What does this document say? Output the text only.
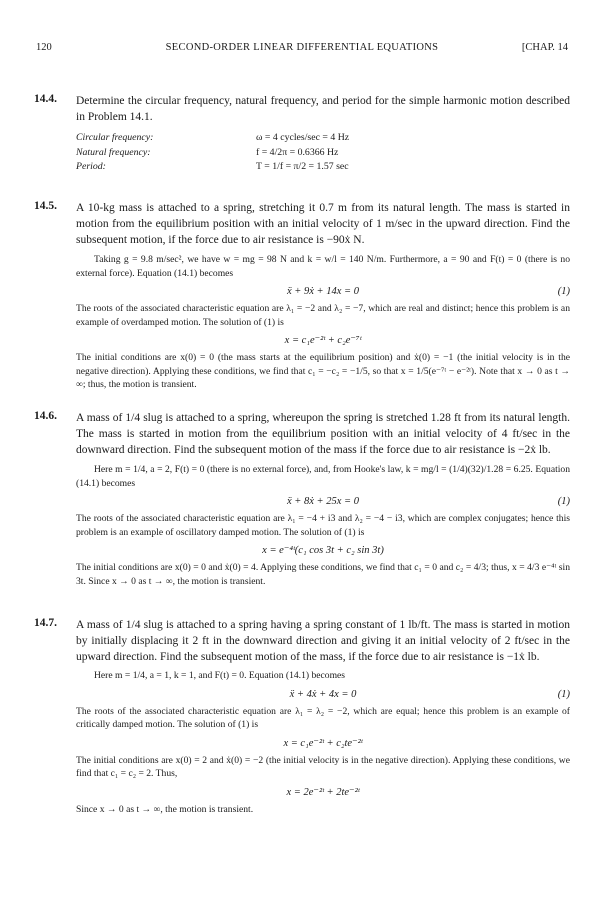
120	SECOND-ORDER LINEAR DIFFERENTIAL EQUATIONS	[CHAP. 14
14.4. Determine the circular frequency, natural frequency, and period for the simple harmonic motion described in Problem 14.1.
Circular frequency:	ω = 4 cycles/sec = 4 Hz
Natural frequency:	f = 4/2π = 0.6366 Hz
Period:	T = 1/f = π/2 = 1.57 sec
14.5. A 10-kg mass is attached to a spring, stretching it 0.7 m from its natural length. The mass is started in motion from the equilibrium position with an initial velocity of 1 m/sec in the upward direction. Find the subsequent motion, if the force due to air resistance is −90ẋ N.

Taking g = 9.8 m/sec², we have w = mg = 98 N and k = w/l = 140 N/m. Furthermore, a = 90 and F(t) = 0 (there is no external force). Equation (14.1) becomes

ẍ + 9ẋ + 14x = 0	(1)

The roots of the associated characteristic equation are λ₁ = −2 and λ₂ = −7, which are real and distinct; hence this problem is an example of overdamped motion. The solution of (1) is

x = c₁e⁻²ᵗ + c₂e⁻⁷ᵗ

The initial conditions are x(0) = 0 (the mass starts at the equilibrium position) and ẋ(0) = −1 (the initial velocity is in the negative direction). Applying these conditions, we find that c₁ = −c₂ = −1/5, so that x = 1/5(e⁻⁷ᵗ − e⁻²ᵗ). Note that x → 0 as t → ∞; thus, the motion is transient.

14.6. A mass of 1/4 slug is attached to a spring, whereupon the spring is stretched 1.28 ft from its natural length. The mass is started in motion from the equilibrium position with an initial velocity of 4 ft/sec in the downward direction. Find the subsequent motion of the mass if the force due to air resistance is −2ẋ lb.

Here m = 1/4, a = 2, F(t) = 0 (there is no external force), and, from Hooke's law, k = mg/l = (1/4)(32)/1.28 = 6.25. Equation (14.1) becomes

ẍ + 8ẋ + 25x = 0	(1)

The roots of the associated characteristic equation are λ₁ = −4 + i3 and λ₂ = −4 − i3, which are complex conjugates; hence this problem is an example of oscillatory damped motion. The solution of (1) is

x = e⁻⁴ᵗ(c₁ cos 3t + c₂ sin 3t)

The initial conditions are x(0) = 0 and ẋ(0) = 4. Applying these conditions, we find that c₁ = 0 and c₂ = 4/3; thus, x = 4/3 e⁻⁴ᵗ sin 3t. Since x → 0 as t → ∞, the motion is transient.

14.7. A mass of 1/4 slug is attached to a spring having a spring constant of 1 lb/ft. The mass is started in motion by initially displacing it 2 ft in the downward direction and giving it an initial velocity of 2 ft/sec in the upward direction. Find the subsequent motion of the mass, if the force due to air resistance is −1ẋ lb.

Here m = 1/4, a = 1, k = 1, and F(t) = 0. Equation (14.1) becomes

ẍ + 4ẋ + 4x = 0	(1)

The roots of the associated characteristic equation are λ₁ = λ₂ = −2, which are equal; hence this problem is an example of critically damped motion. The solution of (1) is

x = c₁e⁻²ᵗ + c₂te⁻²ᵗ

The initial conditions are x(0) = 2 and ẋ(0) = −2 (the initial velocity is in the negative direction). Applying these conditions, we find that c₁ = c₂ = 2. Thus,

x = 2e⁻²ᵗ + 2te⁻²ᵗ

Since x → 0 as t → ∞, the motion is transient.
